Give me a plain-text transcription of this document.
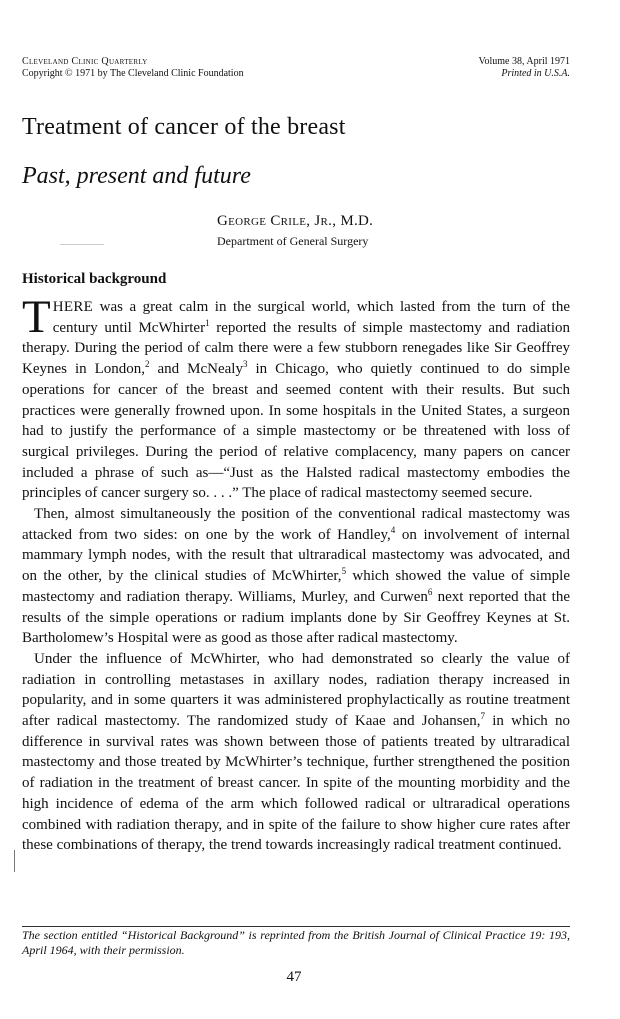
Cleveland Clinic Quarterly
Copyright © 1971 by The Cleveland Clinic Foundation
Volume 38, April 1971
Printed in U.S.A.
Treatment of cancer of the breast
Past, present and future
George Crile, Jr., M.D.
Department of General Surgery
Historical background

THERE was a great calm in the surgical world, which lasted from the turn of the century until McWhirter$^1$ reported the results of simple mastectomy and radiation therapy. During the period of calm there were a few stubborn renegades like Sir Geoffrey Keynes in London,$^2$ and McNealy$^3$ in Chicago, who quietly continued to do simple operations for cancer of the breast and seemed content with their results. But such practices were generally frowned upon. In some hospitals in the United States, a surgeon had to justify the performance of a simple mastectomy or be threatened with loss of surgical privileges. During the period of relative complacency, many papers on cancer included a phrase of such as—“Just as the Halsted radical mastectomy embodies the principles of cancer surgery so. . . .” The place of radical mastectomy seemed secure.

Then, almost simultaneously the position of the conventional radical mastectomy was attacked from two sides: on one by the work of Handley,$^4$ on involvement of internal mammary lymph nodes, with the result that ultraradical mastectomy was advocated, and on the other, by the clinical studies of McWhirter,$^5$ which showed the value of simple mastectomy and radiation therapy. Williams, Murley, and Curwen$^6$ next reported that the results of the simple operations or radium implants done by Sir Geoffrey Keynes at St. Bartholomew’s Hospital were as good as those after radical mastectomy.

Under the influence of McWhirter, who had demonstrated so clearly the value of radiation in controlling metastases in axillary nodes, radiation therapy increased in popularity, and in some quarters it was administered prophylactically as routine treatment after radical mastectomy. The randomized study of Kaae and Johansen,$^7$ in which no difference in survival rates was shown between those of patients treated by ultraradical mastectomy and those treated by McWhirter’s technique, further strengthened the position of radiation in the treatment of breast cancer. In spite of the mounting morbidity and the high incidence of edema of the arm which followed radical or ultraradical operations combined with radiation therapy, and in spite of the failure to show higher cure rates after these combinations of therapy, the trend towards increasingly radical treatment continued.

The section entitled “Historical Background” is reprinted from the British Journal of Clinical Practice 19: 193, April 1964, with their permission.

47
